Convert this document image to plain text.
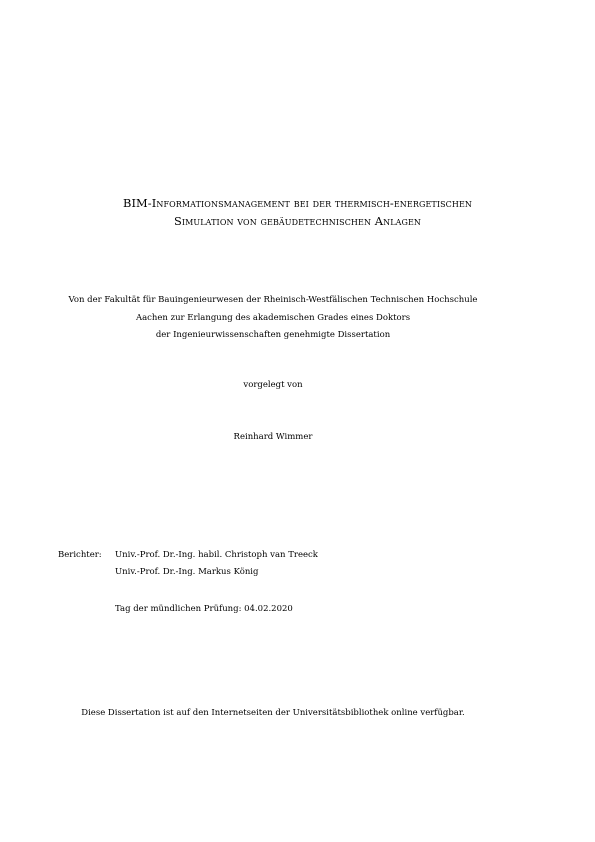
BIM-Informationsmanagement bei der thermisch-energetischen
Simulation von gebäudetechnischen Anlagen
Von der Fakultät für Bauingenieurwesen der Rheinisch-Westfälischen Technischen Hochschule
Aachen zur Erlangung des akademischen Grades eines Doktors
der Ingenieurwissenschaften genehmigte Dissertation
vorgelegt von
Reinhard Wimmer
Berichter: Univ.-Prof. Dr.-Ing. habil. Christoph van Treeck
Univ.-Prof. Dr.-Ing. Markus König
Tag der mündlichen Prüfung: 04.02.2020
Diese Dissertation ist auf den Internetseiten der Universitätsbibliothek online verfügbar.
